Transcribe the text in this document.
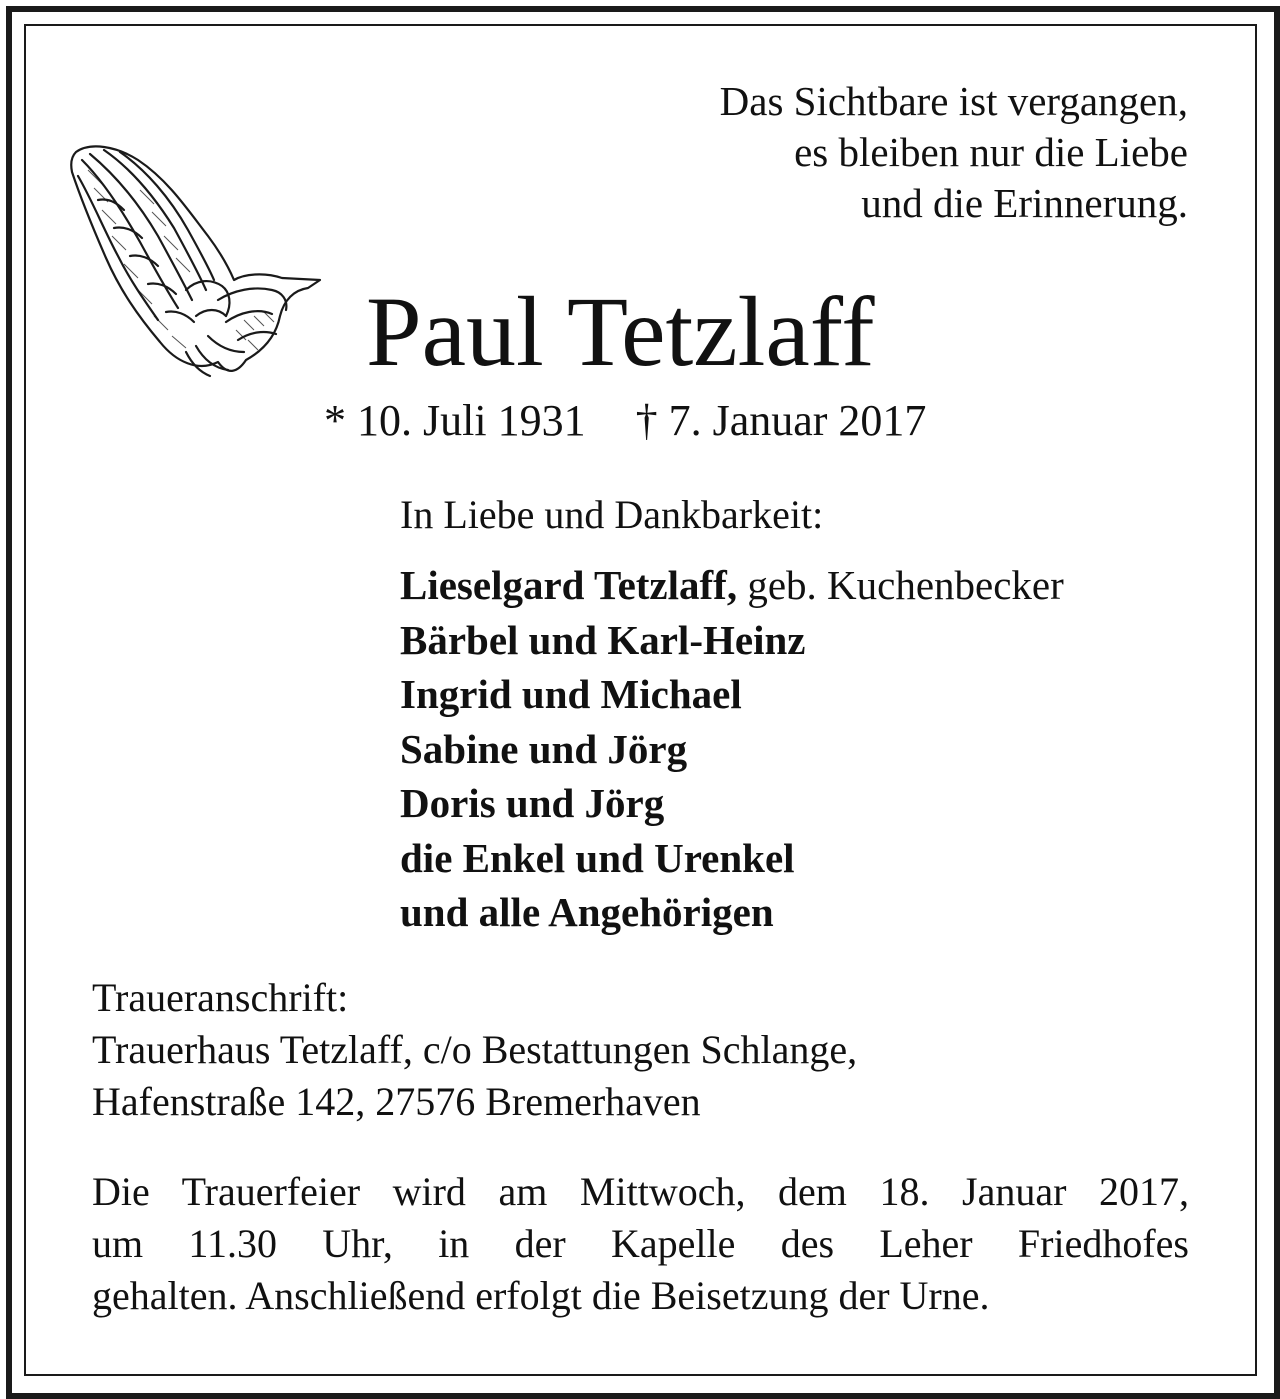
Das Sichtbare ist vergangen,
es bleiben nur die Liebe
und die Erinnerung.
Paul Tetzlaff
* 10. Juli 1931 † 7. Januar 2017
In Liebe und Dankbarkeit:
Lieselgard Tetzlaff, geb. Kuchenbecker
Bärbel und Karl-Heinz
Ingrid und Michael
Sabine und Jörg
Doris und Jörg
die Enkel und Urenkel
und alle Angehörigen
Traueranschrift:
Trauerhaus Tetzlaff, c/o Bestattungen Schlange,
Hafenstraße 142, 27576 Bremerhaven
Die Trauerfeier wird am Mittwoch, dem 18. Januar 2017,
um 11.30 Uhr, in der Kapelle des Leher Friedhofes
gehalten. Anschließend erfolgt die Beisetzung der Urne.
